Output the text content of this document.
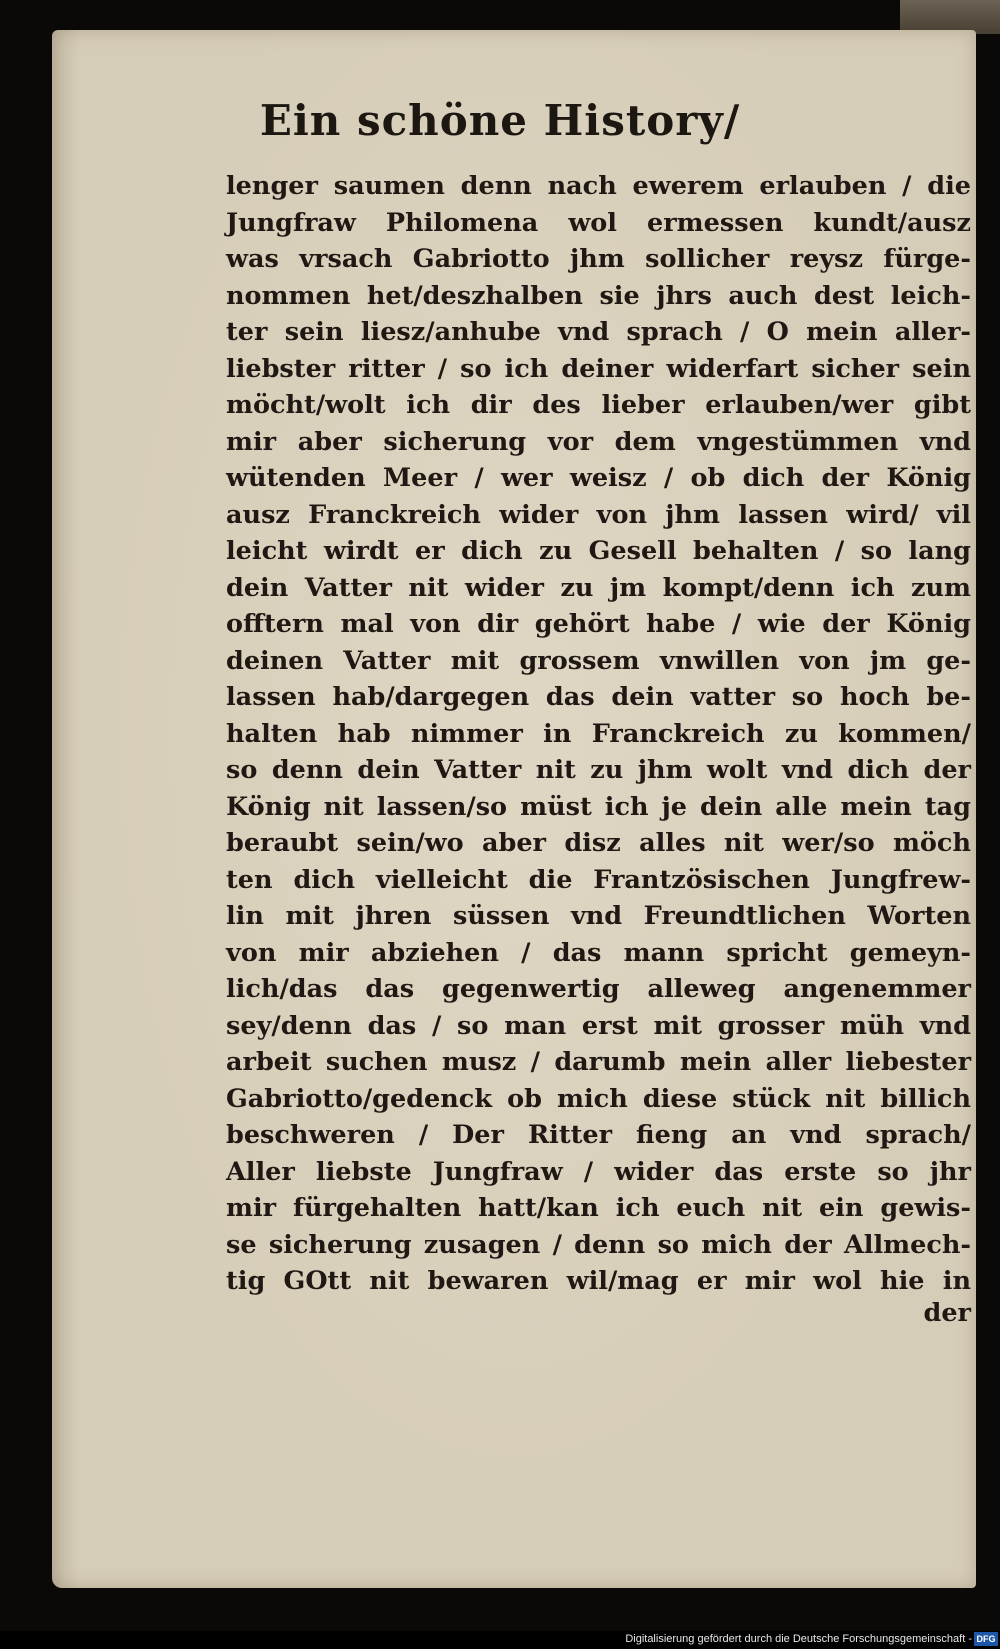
Ein schöne History/
lenger saumen denn nach ewerem erlauben / die
Jungfraw Philomena wol ermessen kundt/ausz
was vrsach Gabriotto jhm sollicher reysz fürge-
nommen het/deszhalben sie jhrs auch dest leich-
ter sein liesz/anhube vnd sprach / O mein aller-
liebster ritter / so ich deiner widerfart sicher sein
möcht/wolt ich dir des lieber erlauben/wer gibt
mir aber sicherung vor dem vngestümmen vnd
wütenden Meer / wer weisz / ob dich der König
ausz Franckreich wider von jhm lassen wird/ vil
leicht wirdt er dich zu Gesell behalten / so lang
dein Vatter nit wider zu jm kompt/denn ich zum
offtern mal von dir gehört habe / wie der König
deinen Vatter mit grossem vnwillen von jm ge-
lassen hab/dargegen das dein vatter so hoch be-
halten hab nimmer in Franckreich zu kommen/
so denn dein Vatter nit zu jhm wolt vnd dich der
König nit lassen/so müst ich je dein alle mein tag
beraubt sein/wo aber disz alles nit wer/so möch
ten dich vielleicht die Frantzösischen Jungfrew-
lin mit jhren süssen vnd Freundtlichen Worten
von mir abziehen / das mann spricht gemeyn-
lich/das das gegenwertig alleweg angenemmer
sey/denn das / so man erst mit grosser müh vnd
arbeit suchen musz / darumb mein aller liebester
Gabriotto/gedenck ob mich diese stück nit billich
beschweren / Der Ritter fieng an vnd sprach/
Aller liebste Jungfraw / wider das erste so jhr
mir fürgehalten hatt/kan ich euch nit ein gewis-
se sicherung zusagen / denn so mich der Allmech-
tig GOtt nit bewaren wil/mag er mir wol hie in
der
Digitalisierung gefördert durch die Deutsche Forschungsgemeinschaft - DFG
